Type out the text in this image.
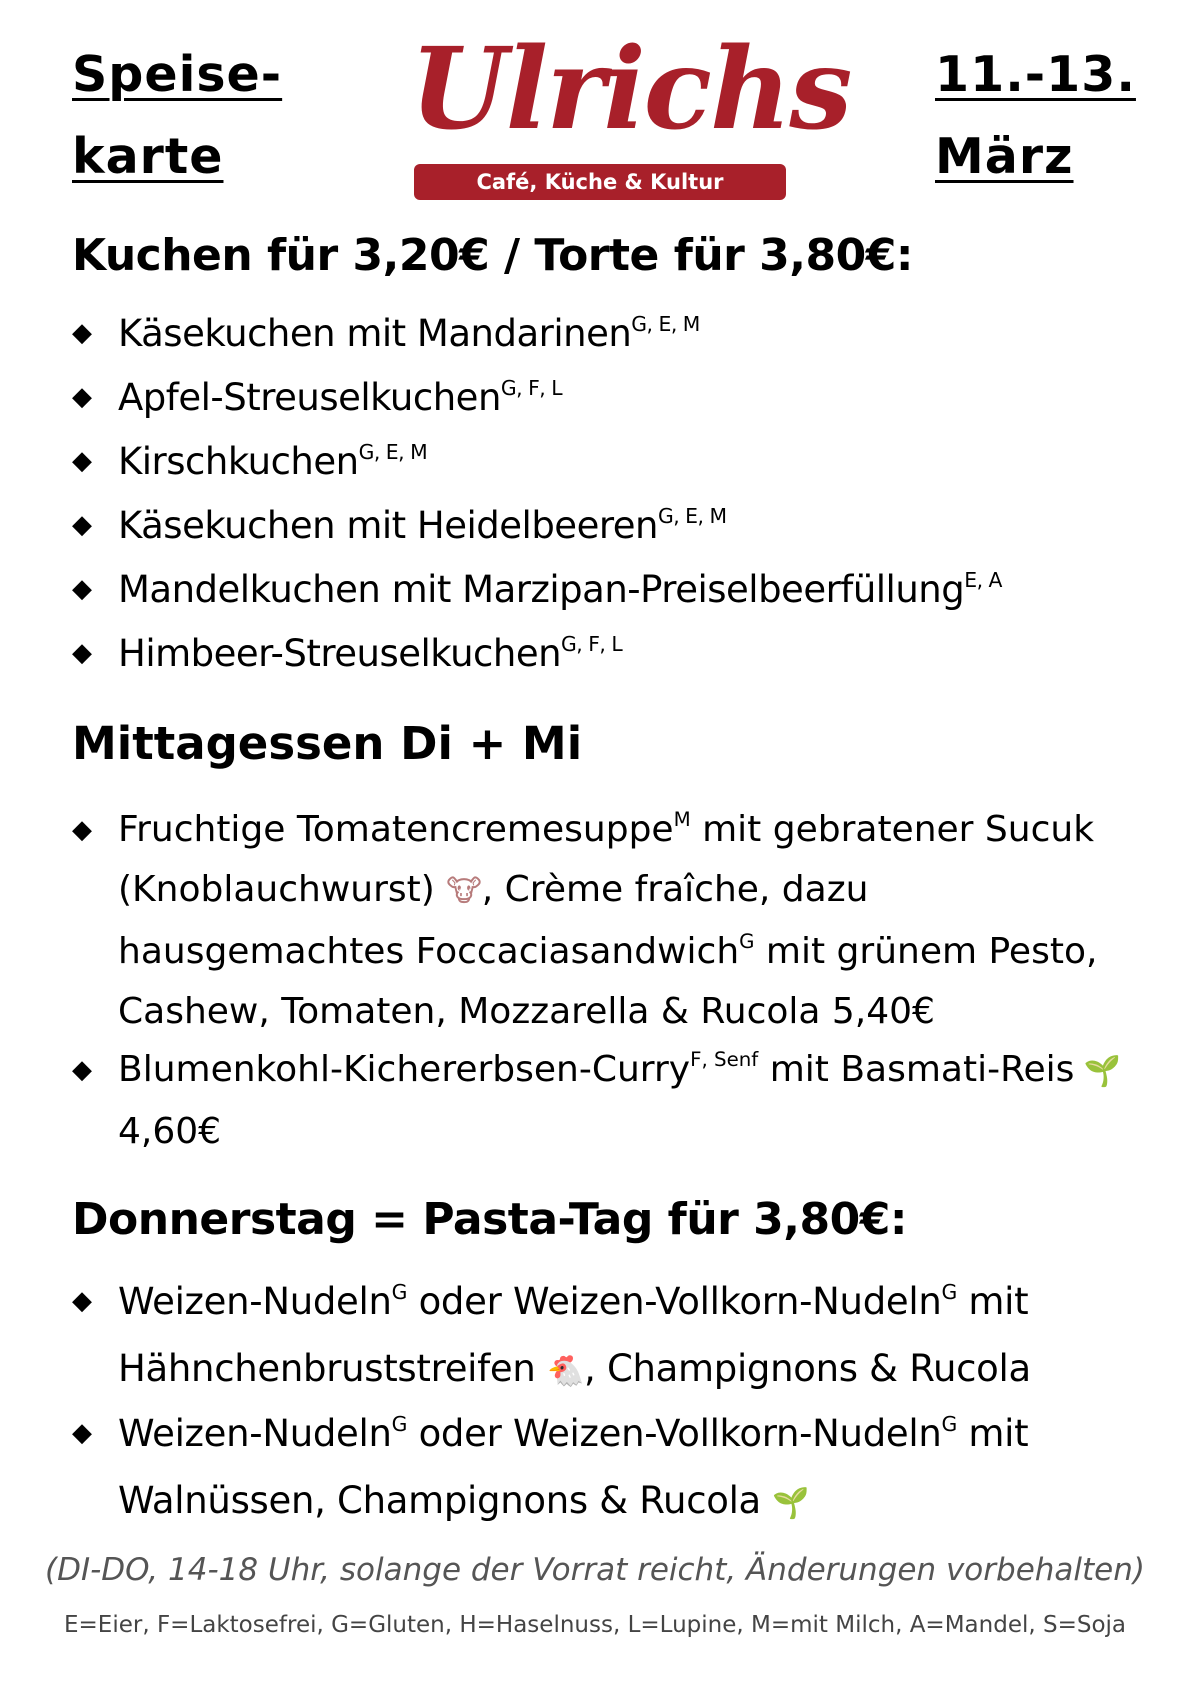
Speise-
karte
Ulrichs
Café, Küche & Kultur
11.-13.
März
Kuchen für 3,20€ / Torte für 3,80€:
◆ Käsekuchen mit Mandarinen$^{G, E, M}$
◆ Apfel-Streuselkuchen$^{G, F, L}$
◆ Kirschkuchen$^{G, E, M}$
◆ Käsekuchen mit Heidelbeeren$^{G, E, M}$
◆ Mandelkuchen mit Marzipan-Preiselbeerfüllung$^{E, A}$
◆ Himbeer-Streuselkuchen$^{G, F, L}$
Mittagessen Di + Mi
◆ Fruchtige Tomatencremesuppe$^M$ mit gebratener Sucuk (Knoblauchwurst) 🐮, Crème fraîche, dazu hausgemachtes Foccaciasandwich$^G$ mit grünem Pesto, Cashew, Tomaten, Mozzarella & Rucola 5,40€
◆ Blumenkohl-Kichererbsen-Curry$^{F, Senf}$ mit Basmati-Reis 🌱 4,60€
Donnerstag = Pasta-Tag für 3,80€:
◆ Weizen-Nudeln$^G$ oder Weizen-Vollkorn-Nudeln$^G$ mit Hähnchenbruststreifen 🐔, Champignons & Rucola
◆ Weizen-Nudeln$^G$ oder Weizen-Vollkorn-Nudeln$^G$ mit Walnüssen, Champignons & Rucola 🌱
(DI-DO, 14-18 Uhr, solange der Vorrat reicht, Änderungen vorbehalten)
E=Eier, F=Laktosefrei, G=Gluten, H=Haselnuss, L=Lupine, M=mit Milch, A=Mandel, S=Soja
